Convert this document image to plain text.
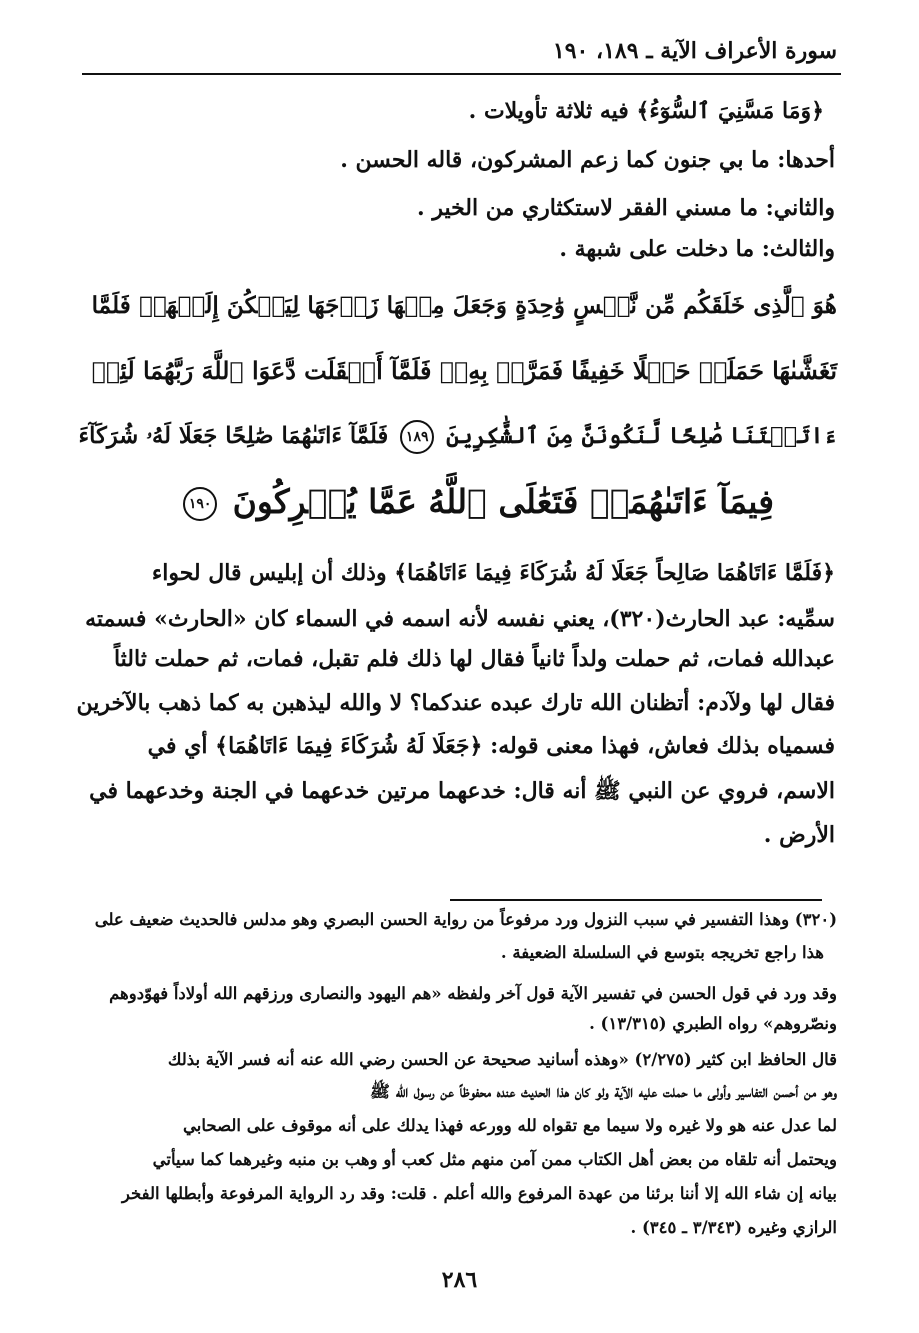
سورة الأعراف الآية ـ ١٨٩، ١٩٠
﴿وَمَا مَسَّنِيَ ٱلسُّوٓءُ﴾ فيه ثلاثة تأويلات .
أحدها: ما بي جنون كما زعم المشركون، قاله الحسن .
والثاني: ما مسني الفقر لاستكثاري من الخير .
والثالث: ما دخلت على شبهة .
هُوَ ٱلَّذِى خَلَقَكُم مِّن نَّفۡسٍ وَٰحِدَةٍ وَجَعَلَ مِنۡهَا زَوۡجَهَا لِيَسۡكُنَ إِلَيۡهَاۖ فَلَمَّا
تَغَشَّىٰهَا حَمَلَتۡ حَمۡلًا خَفِيفًا فَمَرَّتۡ بِهِۦۖ فَلَمَّآ أَثۡقَلَت دَّعَوَا ٱللَّهَ رَبَّهُمَا لَئِنۡ
ءَاتَيۡتَنَا صَٰلِحًا لَّنَكُونَنَّ مِنَ ٱلشَّٰكِرِينَ ١٨٩ فَلَمَّآ ءَاتَىٰهُمَا صَٰلِحًا جَعَلَا لَهُۥ شُرَكَآءَ
فِيمَآ ءَاتَىٰهُمَاۚ فَتَعَٰلَى ٱللَّهُ عَمَّا يُشۡرِكُونَ ١٩٠
﴿فَلَمَّا ءَاتَاهُمَا صَالِحاً جَعَلَا لَهُ شُرَكَاءَ فِيمَا ءَاتَاهُمَا﴾ وذلك أن إبليس قال لحواء
سمِّيه: عبد الحارث(٣٢٠)، يعني نفسه لأنه اسمه في السماء كان «الحارث» فسمته
عبدالله فمات، ثم حملت ولداً ثانياً فقال لها ذلك فلم تقبل، فمات، ثم حملت ثالثاً
فقال لها ولآدم: أتظنان الله تارك عبده عندكما؟ لا والله ليذهبن به كما ذهب بالآخرين
فسمياه بذلك فعاش، فهذا معنى قوله: ﴿جَعَلَا لَهُ شُرَكَاءَ فِيمَا ءَاتَاهُمَا﴾ أي في
الاسم، فروي عن النبي ﷺ أنه قال: خدعهما مرتين خدعهما في الجنة وخدعهما في
الأرض .
(٣٢٠) وهذا التفسير في سبب النزول ورد مرفوعاً من رواية الحسن البصري وهو مدلس فالحديث ضعيف على
هذا راجع تخريجه بتوسع في السلسلة الضعيفة .
وقد ورد في قول الحسن في تفسير الآية قول آخر ولفظه «هم اليهود والنصارى ورزقهم الله أولاداً فهوّدوهم
ونصّروهم» رواه الطبري (١٣/٣١٥) .
قال الحافظ ابن كثير (٢/٢٧٥) «وهذه أسانيد صحيحة عن الحسن رضي الله عنه أنه فسر الآية بذلك
وهو من أحسن التفاسير وأولى ما حملت عليه الآية ولو كان هذا الحديث عنده محفوظاً عن رسول الله ﷺ
لما عدل عنه هو ولا غيره ولا سيما مع تقواه لله وورعه فهذا يدلك على أنه موقوف على الصحابي
ويحتمل أنه تلقاه من بعض أهل الكتاب ممن آمن منهم مثل كعب أو وهب بن منبه وغيرهما كما سيأتي
بيانه إن شاء الله إلا أننا برئنا من عهدة المرفوع والله أعلم . قلت: وقد رد الرواية المرفوعة وأبطلها الفخر
الرازي وغيره (٣/٣٤٣ ـ ٣٤٥) .
٢٨٦
